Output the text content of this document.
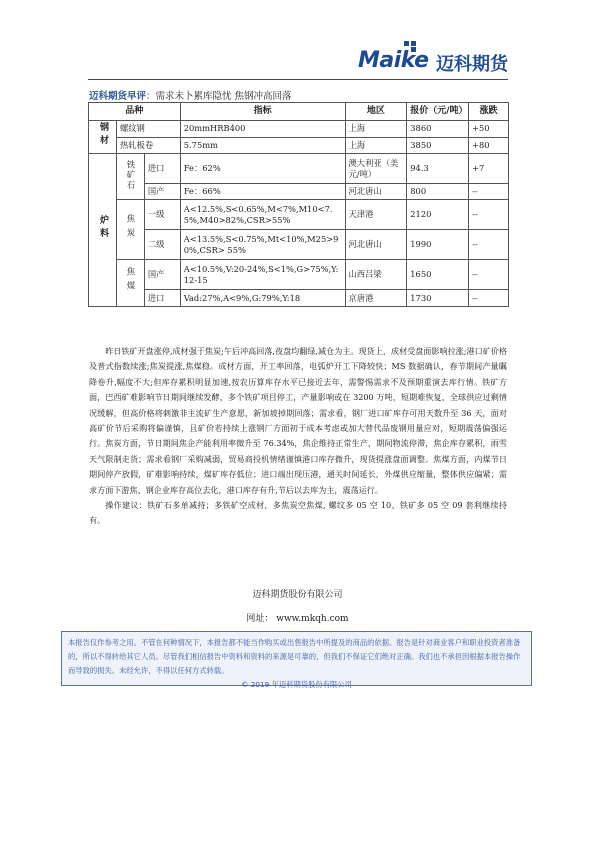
Maike 迈科期货
迈科期货早评：需求未卜累库隐忧 焦钢冲高回落
品种			指标	地区	报价（元/吨）	涨跌
钢材	螺纹钢		20mmHRB400	上海	3860	+50
	热轧板卷		5.75mm	上海	3850	+80
炉料	铁矿石	进口	Fe：62%	澳大利亚（美元/吨）	94.3	+7
		国产	Fe：66%	河北唐山	800	--
	焦炭	一级	A<12.5%,S<0.65%,M<7%,M10<7.5%,M40>82%,CSR>55%	天津港	2120	--
		二级	A<13.5%,S<0.75%,Mt<10%,M25>90%,CSR> 55%	河北唐山	1990	--
	焦煤	国产	A<10.5%,V:20-24%,S<1%,G>75%,Y:12-15	山西吕梁	1650	--
		进口	Vad:27%,A<9%,G:79%,Y:18	京唐港	1730	--

昨日铁矿开盘涨停,成材强于焦炭;午后冲高回落,夜盘均翻绿,减仓为主。现货上，成材受盘面影响拉涨;港口矿价格及普式指数续涨;焦炭提涨,焦煤稳。成材方面，开工率回落，电弧炉开工下降较快；MS 数据确认，春节期间产量瞩降卷升,幅度不大;但库存累积明显加速,按农历算库存水平已接近去年，需警惕需求不及预期重演去库行情。铁矿方面，巴西矿难影响节日期间继续发酵，多个铁矿项目停工，产量影响或在 3200 万吨，短期难恢复，全球供应过剩情况缓解，但高价格将刺激非主流矿生产意愿，新加坡掉期回落；需求看，钢厂进口矿库存可用天数升至 36 天，面对高矿价节后采购将偏谨慎，且矿价若持续上涨钢厂方面初于成本考虑或加大替代品废钢用量应对，短期震荡偏强运行。焦炭方面，节日期间焦企产能利用率微升至 76.34%，焦企维持正常生产，期间物流停滞，焦企库存累积，雨雪天气限制走货；需求看钢厂采购减弱，贸易商投机情绪谨慎港口库存微升，现货提涨盘面调整。焦煤方面，内煤节日期间停产放假，矿难影响持续，煤矿库存低位；进口端出现压港，通关时间延长，外煤供应缩量，整体供应偏紧；需求方面下游焦、钢企业库存高位去化，港口库存有升,节后以去库为主，震荡运行。

操作建议：铁矿石多单减持；多铁矿空成材，多焦炭空焦煤, 螺纹多 05 空 10、铁矿多 05 空 09 套利继续持有。

迈科期货股份有限公司
网址： www.mkqh.com
本报告仅作参考之用。不管在何种情况下，本报告都不能当作购买或出售报告中所提及的商品的依据。报告是针对商业客户和职业投资者准备的，所以不得转给其它人员。尽管我们相信报告中资料和资料的来源是可靠的，但我们不保证它们绝对正确。我们也不承担因根据本报告操作而导致的损失。未经允许，不得以任何方式转载。
© 2019 年迈科期货股份有限公司
